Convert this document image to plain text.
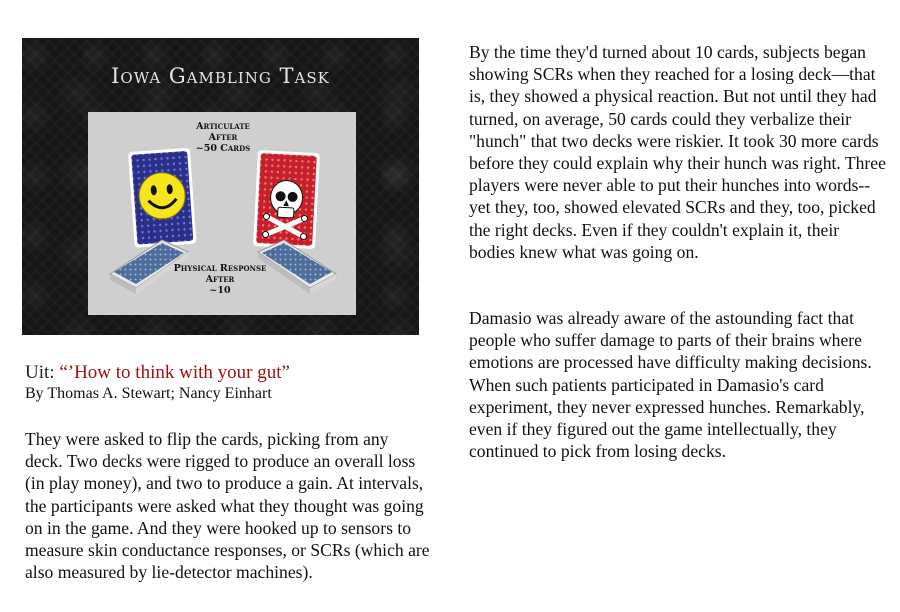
Iowa Gambling Task
Articulate
After
~50 Cards
Physical Response
After
~10
Uit: “’How to think with your gut”
By Thomas A. Stewart; Nancy Einhart

They were asked to flip the cards, picking from any deck. Two decks were rigged to produce an overall loss (in play money), and two to produce a gain. At intervals, the participants were asked what they thought was going on in the game. And they were hooked up to sensors to measure skin conductance responses, or SCRs (which are also measured by lie-detector machines).

By the time they'd turned about 10 cards, subjects began showing SCRs when they reached for a losing deck—that is, they showed a physical reaction. But not until they had turned, on average, 50 cards could they verbalize their "hunch" that two decks were riskier. It took 30 more cards before they could explain why their hunch was right. Three players were never able to put their hunches into words-- yet they, too, showed elevated SCRs and they, too, picked the right decks. Even if they couldn't explain it, their bodies knew what was going on.

Damasio was already aware of the astounding fact that people who suffer damage to parts of their brains where emotions are processed have difficulty making decisions. When such patients participated in Damasio's card experiment, they never expressed hunches. Remarkably, even if they figured out the game intellectually, they continued to pick from losing decks.
